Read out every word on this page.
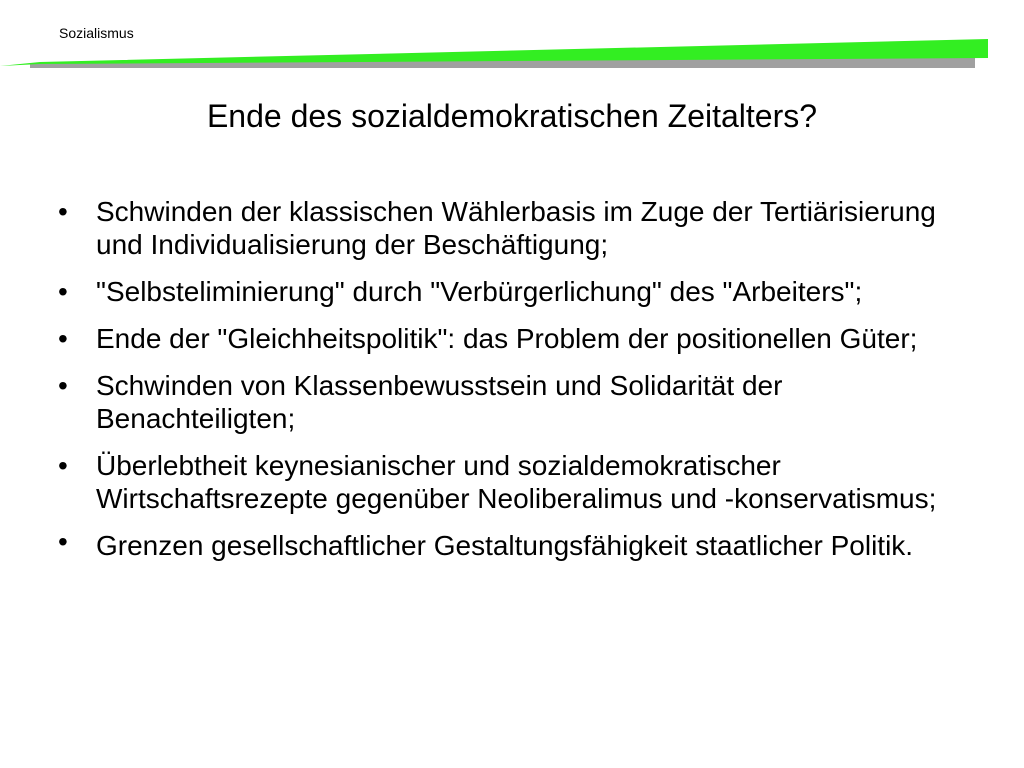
Sozialismus
Ende des sozialdemokratischen Zeitalters?
•	Schwinden der klassischen Wählerbasis im Zuge der Tertiärisierung und Individualisierung der Beschäftigung;
•	"Selbsteliminierung" durch "Verbürgerlichung" des "Arbeiters";
•	Ende der "Gleichheitspolitik": das Problem der positionellen Güter;
•	Schwinden von Klassenbewusstsein und Solidarität der Benachteiligten;
•	Überlebtheit keynesianischer und sozialdemokratischer Wirtschaftsrezepte gegenüber Neoliberalimus und -konservatismus;
•	Grenzen gesellschaftlicher Gestaltungsfähigkeit staatlicher Politik.
